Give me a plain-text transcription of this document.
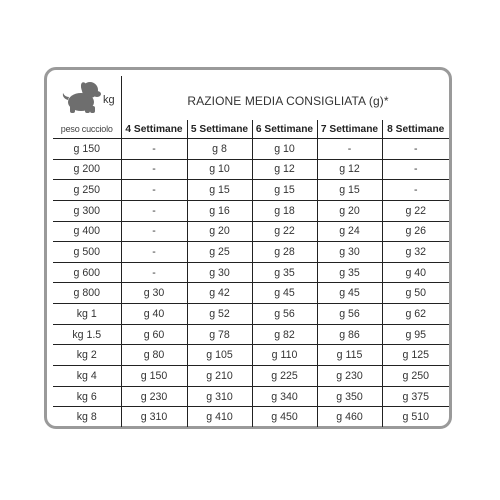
kg	RAZIONE MEDIA CONSIGLIATA (g)*
peso cucciolo	4 Settimane	5 Settimane	6 Settimane	7 Settimane	8 Settimane
g 150	-	g 8	g 10	-	-
g 200	-	g 10	g 12	g 12	-
g 250	-	g 15	g 15	g 15	-
g 300	-	g 16	g 18	g 20	g 22
g 400	-	g 20	g 22	g 24	g 26
g 500	-	g 25	g 28	g 30	g 32
g 600	-	g 30	g 35	g 35	g 40
g 800	g 30	g 42	g 45	g 45	g 50
kg 1	g 40	g 52	g 56	g 56	g 62
kg 1.5	g 60	g 78	g 82	g 86	g 95
kg 2	g 80	g 105	g 110	g 115	g 125
kg 4	g 150	g 210	g 225	g 230	g 250
kg 6	g 230	g 310	g 340	g 350	g 375
kg 8	g 310	g 410	g 450	g 460	g 510
